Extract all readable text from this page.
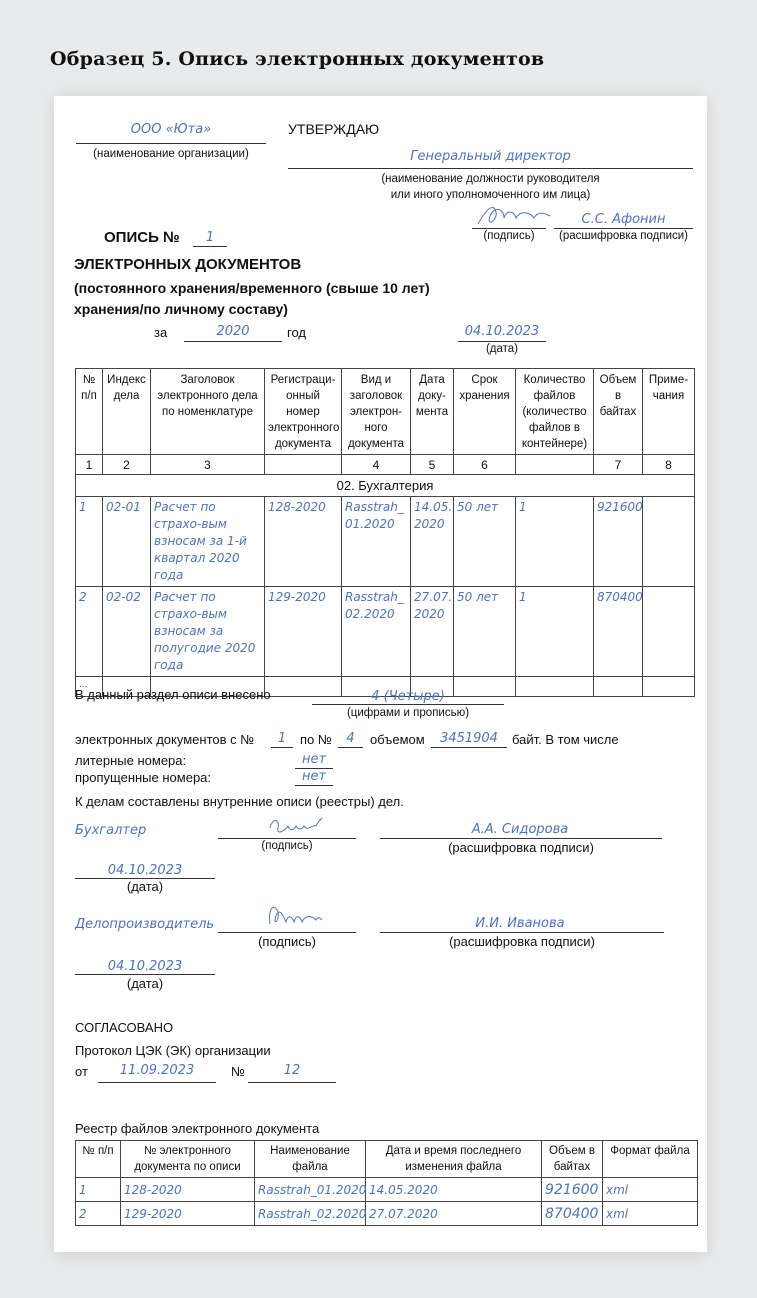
Образец 5. Опись электронных документов
ООО «Юта»
(наименование организации)
УТВЕРЖДАЮ
Генеральный директор
(наименование должности руководителя
или иного уполномоченного им лица)
(подпись)
С.С. Афонин
(расшифровка подписи)
ОПИСЬ №	1
ЭЛЕКТРОННЫХ ДОКУМЕНТОВ
(постоянного хранения/временного (свыше 10 лет)
хранения/по личному составу)
за	2020	год	04.10.2023
(дата)
№ п/п	Индекс дела	Заголовок электронного дела по номенклатуре	Регистраци-онный номер электронного документа	Вид и заголовок электрон-ного документа	Дата доку-мента	Срок хранения	Количество файлов (количество файлов в контейнере)	Объем в байтах	Приме-чания
1	2	3		4	5	6		7	8
02. Бухгалтерия									
1	02-01	Расчет по страхо-вым взносам за 1-й квартал 2020 года	128-2020	Rasstrah_ 01.2020	14.05. 2020	50 лет	1	921600	
2	02-02	Расчет по страхо-вым взносам за полугодие 2020 года	129-2020	Rasstrah_ 02.2020	27.07. 2020	50 лет	1	870400	
...									
В данный раздел описи внесено	4 (Четыре)
(цифрами и прописью)
электронных документов с №	1	по №	4	объемом	3451904	байт. В том числе
литерные номера:	нет
пропущенные номера:	нет
К делам составлены внутренние описи (реестры) дел.
Бухгалтер
(подпись)
А.А. Сидорова
(расшифровка подписи)
04.10.2023
(дата)
Делопроизводитель
(подпись)
И.И. Иванова
(расшифровка подписи)
04.10.2023
(дата)
СОГЛАСОВАНО
Протокол ЦЭК (ЭК) организации
от	11.09.2023	№	12
Реестр файлов электронного документа
№ п/п	№ электронного документа по описи	Наименование файла	Дата и время последнего изменения файла	Объем в байтах	Формат файла
1	128-2020	Rasstrah_01.2020	14.05.2020	921600	xml
2	129-2020	Rasstrah_02.2020	27.07.2020	870400	xml
